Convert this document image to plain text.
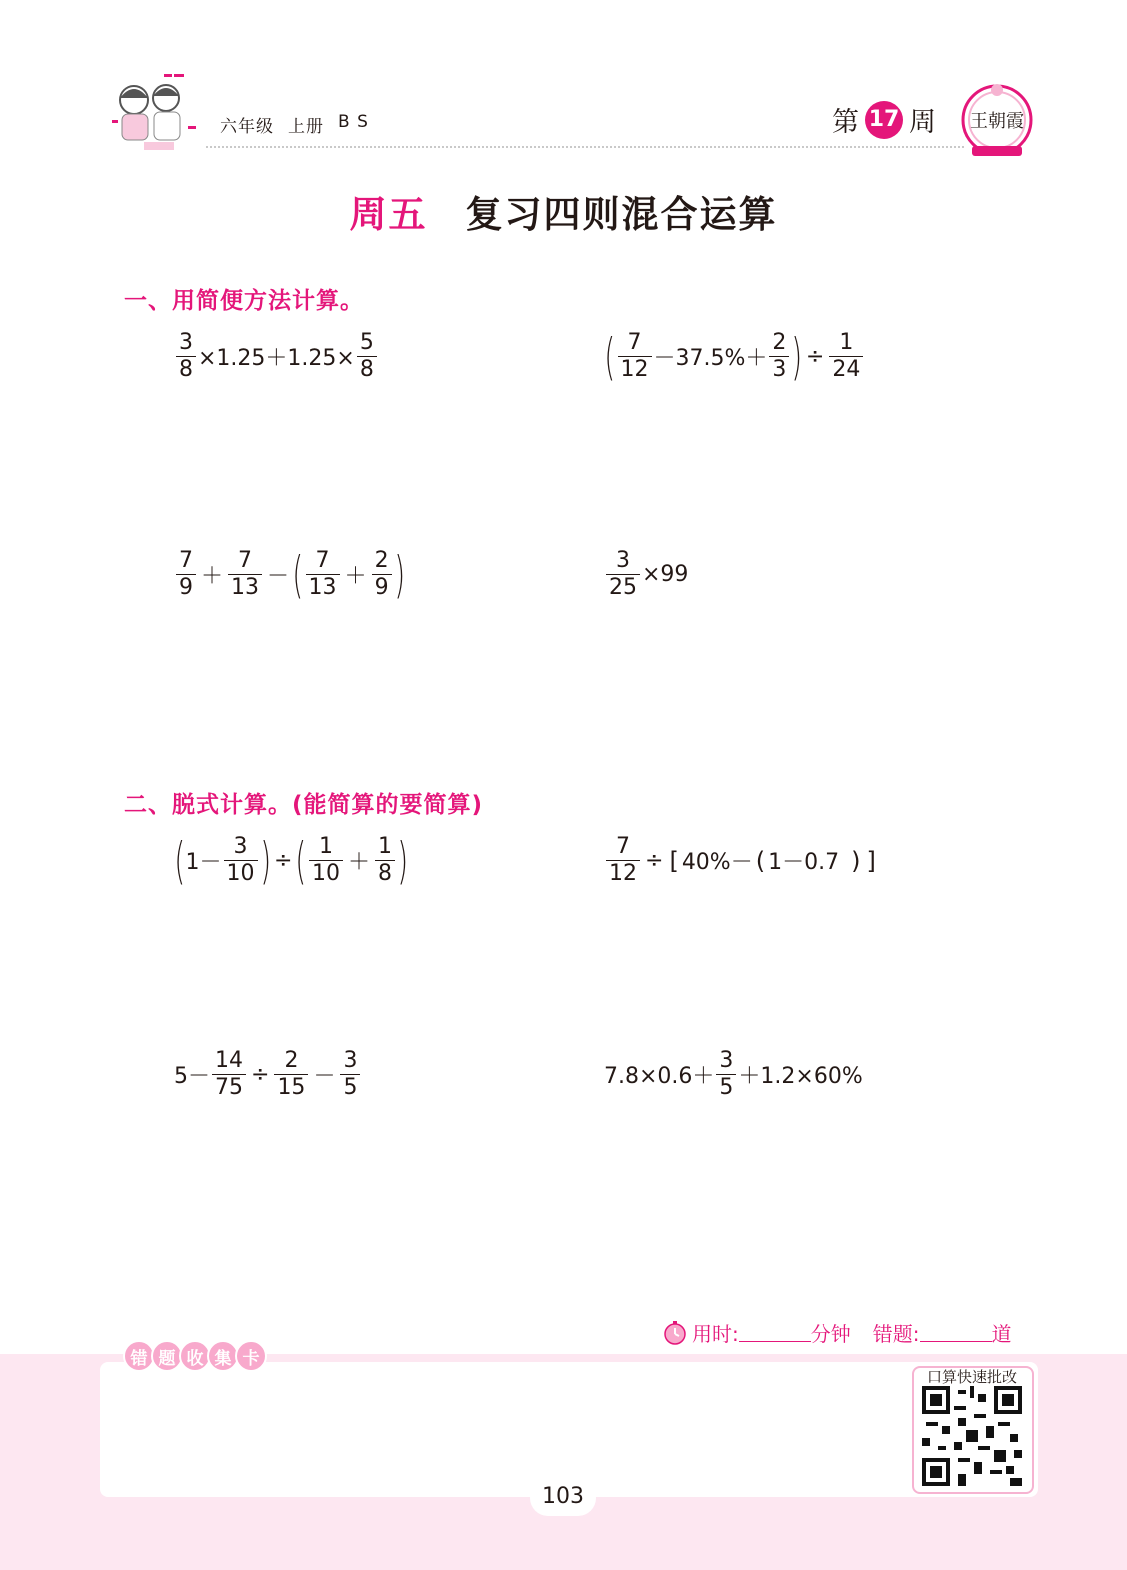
六年级 上册 B S	第 17 周 王朝霞
周五 复习四则混合运算
一、用简便方法计算。
$\frac{3}{8} \times 1.25+1.25\times \frac{5}{8}$	( $\frac{7}{12} -37.5\%+ \frac{2}{3}$ ) ÷ $\frac{1}{24}$
$\frac{7}{9} + \frac{7}{13}$ － ( $\frac{7}{13} + \frac{2}{9}$ )	$\frac{3}{25} \times 99$
二、脱式计算。(能简算的要简算)
( $1- \frac{3}{10}$ ) ÷ ( $\frac{1}{10} + \frac{1}{8}$ )	$\frac{7}{12}$ ÷ [ 40%－ ( 1－0.7 ) ]
$5- \frac{14}{75} \div \frac{2}{15} - \frac{3}{5}$	$7.8\times 0.6+ \frac{3}{5} +1.2\times 60\%$
用时:	分钟 错题:	道
错 题 收 集 卡
口算快速批改
103
